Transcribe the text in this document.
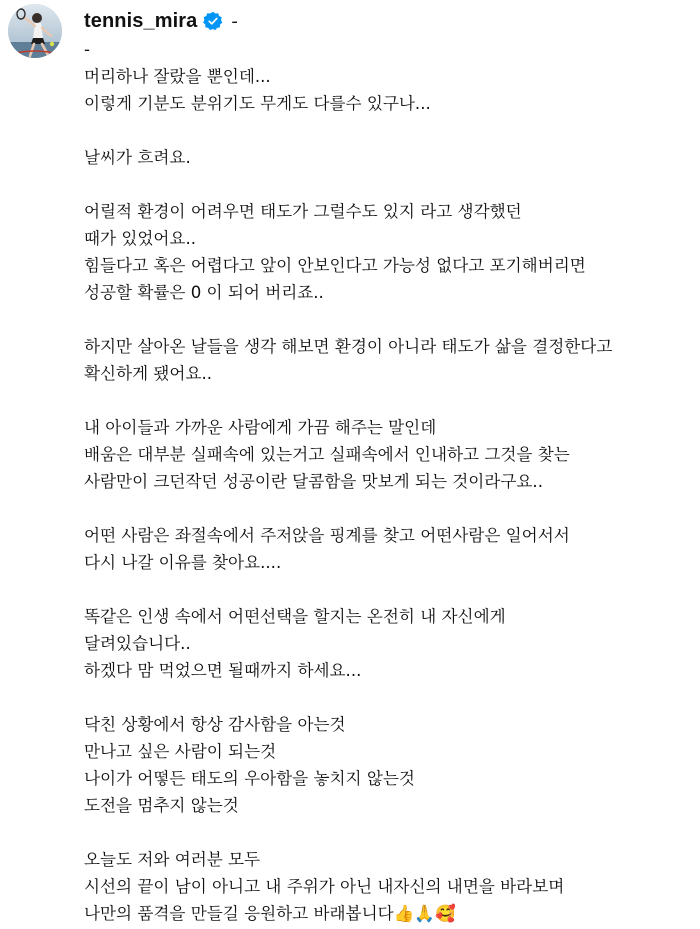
tennis_mira -
-
머리하나 잘랐을 뿐인데...
이렇게 기분도 분위기도 무게도 다를수 있구나...
날씨가 흐려요.
어릴적 환경이 어려우면 태도가 그럴수도 있지 라고 생각했던
때가 있었어요..
힘들다고 혹은 어렵다고 앞이 안보인다고 가능성 없다고 포기해버리면
성공할 확률은 0 이 되어 버리죠..
하지만 살아온 날들을 생각 해보면 환경이 아니라 태도가 삶을 결정한다고
확신하게 됐어요..
내 아이들과 가까운 사람에게 가끔 해주는 말인데
배움은 대부분 실패속에 있는거고 실패속에서 인내하고 그것을 찾는
사람만이 크던작던 성공이란 달콤함을 맛보게 되는 것이라구요..
어떤 사람은 좌절속에서 주저앉을 핑계를 찾고 어떤사람은 일어서서
다시 나갈 이유를 찾아요....
똑같은 인생 속에서 어떤선택을 할지는 온전히 내 자신에게
달려있습니다..
하겠다 맘 먹었으면 될때까지 하세요...
닥친 상황에서 항상 감사함을 아는것
만나고 싶은 사람이 되는것
나이가 어떻든 태도의 우아함을 놓치지 않는것
도전을 멈추지 않는것
오늘도 저와 여러분 모두
시선의 끝이 남이 아니고 내 주위가 아닌 내자신의 내면을 바라보며
나만의 품격을 만들길 응원하고 바래봅니다👍🙏🥰
